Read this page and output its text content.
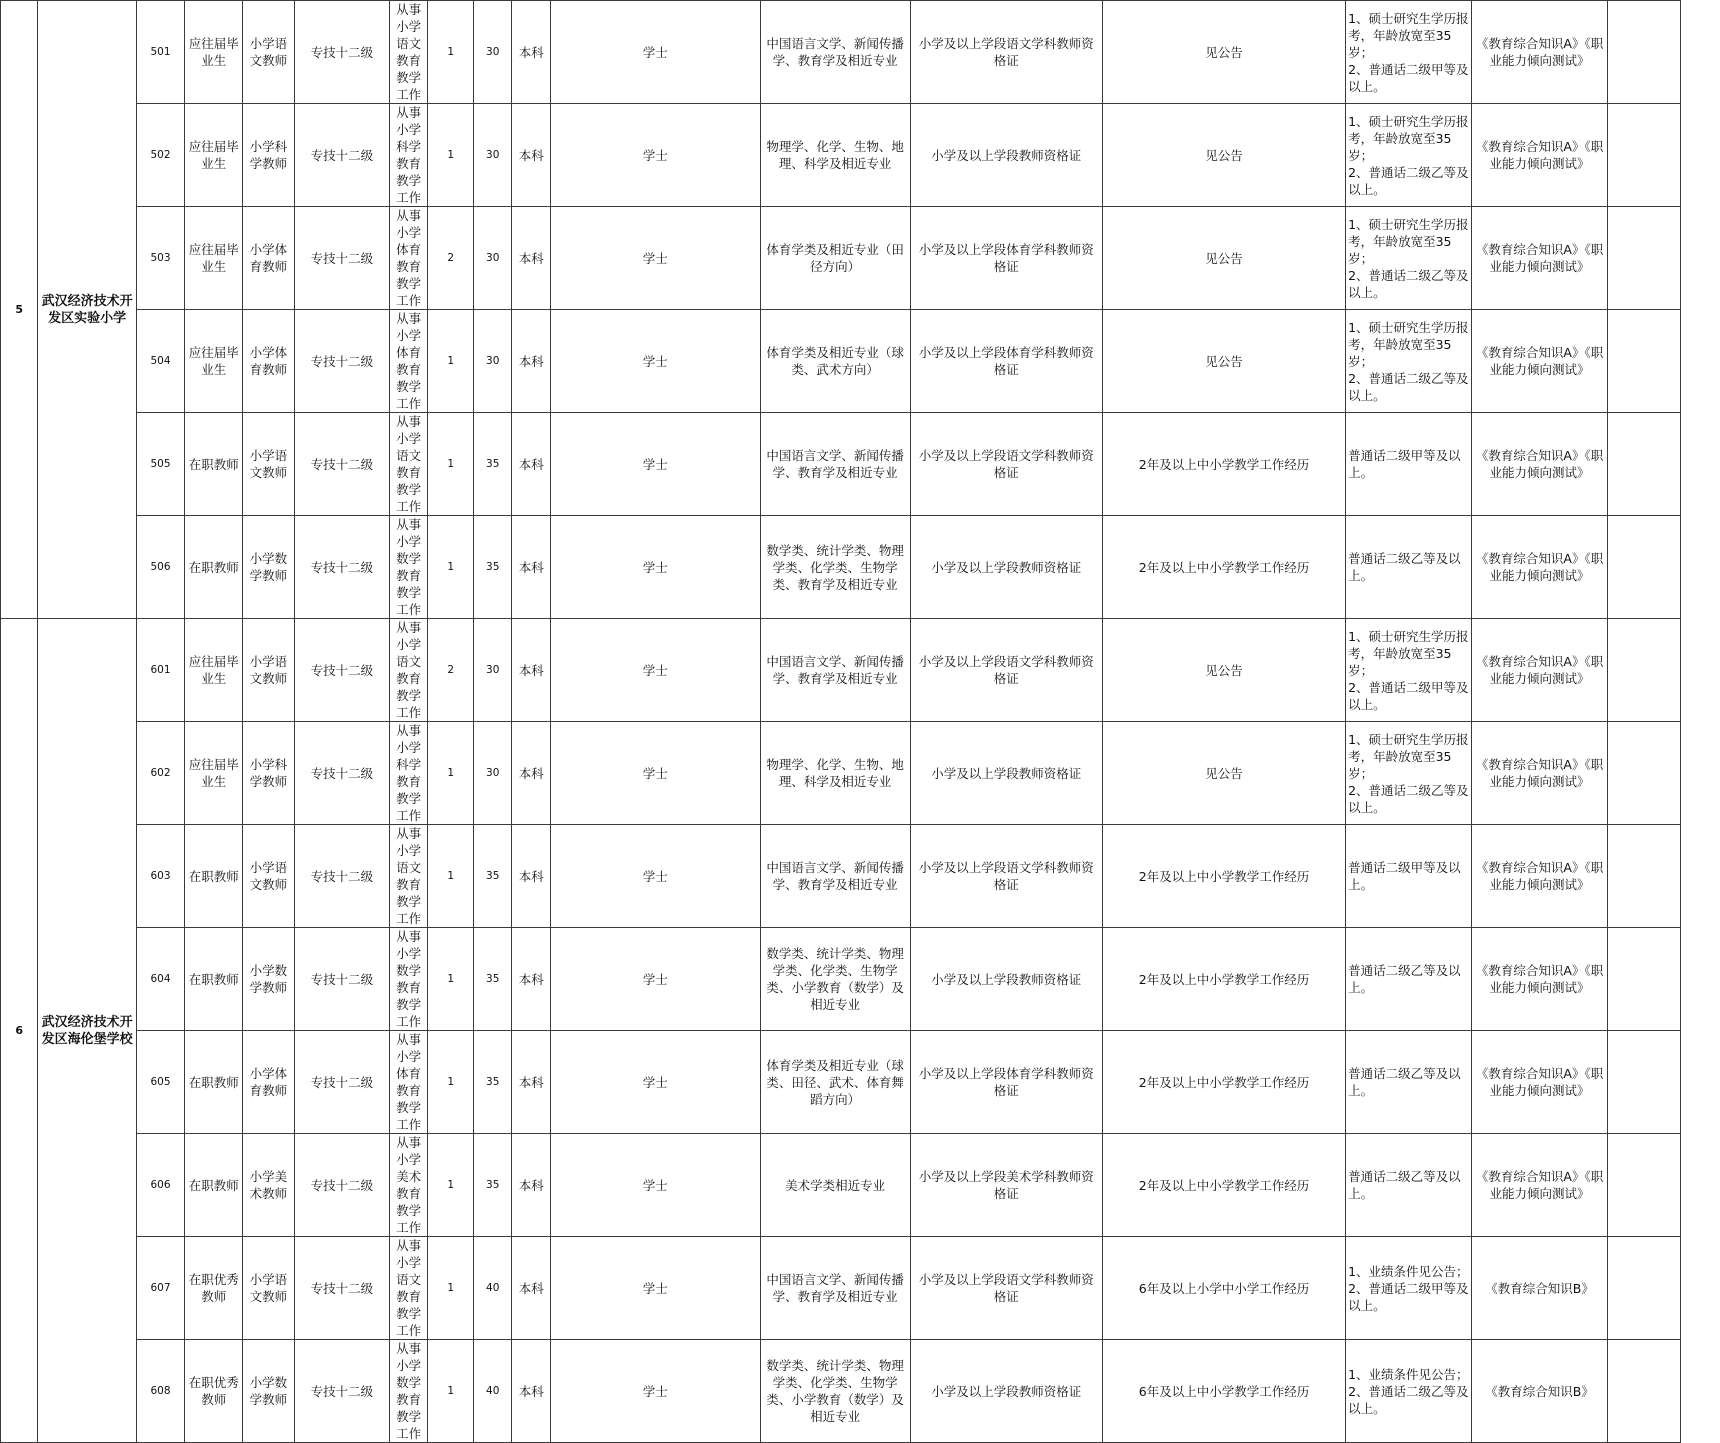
5	武汉经济技术开发区实验小学	501	应往届毕业生	小学语文教师	专技十二级	从事小学语文教育教学工作	1	30	本科	学士	中国语言文学、新闻传播学、教育学及相近专业	小学及以上学段语文学科教师资格证	见公告	1、硕士研究生学历报考，年龄放宽至35岁；
2、普通话二级甲等及以上。	《教育综合知识A》《职业能力倾向测试》	
		502	应往届毕业生	小学科学教师	专技十二级	从事小学科学教育教学工作	1	30	本科	学士	物理学、化学、生物、地理、科学及相近专业	小学及以上学段教师资格证	见公告	1、硕士研究生学历报考，年龄放宽至35岁；
2、普通话二级乙等及以上。	《教育综合知识A》《职业能力倾向测试》	
		503	应往届毕业生	小学体育教师	专技十二级	从事小学体育教育教学工作	2	30	本科	学士	体育学类及相近专业（田径方向）	小学及以上学段体育学科教师资格证	见公告	1、硕士研究生学历报考，年龄放宽至35岁；
2、普通话二级乙等及以上。	《教育综合知识A》《职业能力倾向测试》	
		504	应往届毕业生	小学体育教师	专技十二级	从事小学体育教育教学工作	1	30	本科	学士	体育学类及相近专业（球类、武术方向）	小学及以上学段体育学科教师资格证	见公告	1、硕士研究生学历报考，年龄放宽至35岁；
2、普通话二级乙等及以上。	《教育综合知识A》《职业能力倾向测试》	
		505	在职教师	小学语文教师	专技十二级	从事小学语文教育教学工作	1	35	本科	学士	中国语言文学、新闻传播学、教育学及相近专业	小学及以上学段语文学科教师资格证	2年及以上中小学教学工作经历	普通话二级甲等及以上。	《教育综合知识A》《职业能力倾向测试》	
		506	在职教师	小学数学教师	专技十二级	从事小学数学教育教学工作	1	35	本科	学士	数学类、统计学类、物理学类、化学类、生物学类、教育学及相近专业	小学及以上学段教师资格证	2年及以上中小学教学工作经历	普通话二级乙等及以上。	《教育综合知识A》《职业能力倾向测试》	
6	武汉经济技术开发区海伦堡学校	601	应往届毕业生	小学语文教师	专技十二级	从事小学语文教育教学工作	2	30	本科	学士	中国语言文学、新闻传播学、教育学及相近专业	小学及以上学段语文学科教师资格证	见公告	1、硕士研究生学历报考，年龄放宽至35岁；
2、普通话二级甲等及以上。	《教育综合知识A》《职业能力倾向测试》	
		602	应往届毕业生	小学科学教师	专技十二级	从事小学科学教育教学工作	1	30	本科	学士	物理学、化学、生物、地理、科学及相近专业	小学及以上学段教师资格证	见公告	1、硕士研究生学历报考，年龄放宽至35岁；
2、普通话二级乙等及以上。	《教育综合知识A》《职业能力倾向测试》	
		603	在职教师	小学语文教师	专技十二级	从事小学语文教育教学工作	1	35	本科	学士	中国语言文学、新闻传播学、教育学及相近专业	小学及以上学段语文学科教师资格证	2年及以上中小学教学工作经历	普通话二级甲等及以上。	《教育综合知识A》《职业能力倾向测试》	
		604	在职教师	小学数学教师	专技十二级	从事小学数学教育教学工作	1	35	本科	学士	数学类、统计学类、物理学类、化学类、生物学类、小学教育（数学）及相近专业	小学及以上学段教师资格证	2年及以上中小学教学工作经历	普通话二级乙等及以上。	《教育综合知识A》《职业能力倾向测试》	
		605	在职教师	小学体育教师	专技十二级	从事小学体育教育教学工作	1	35	本科	学士	体育学类及相近专业（球类、田径、武术、体育舞蹈方向）	小学及以上学段体育学科教师资格证	2年及以上中小学教学工作经历	普通话二级乙等及以上。	《教育综合知识A》《职业能力倾向测试》	
		606	在职教师	小学美术教师	专技十二级	从事小学美术教育教学工作	1	35	本科	学士	美术学类相近专业	小学及以上学段美术学科教师资格证	2年及以上中小学教学工作经历	普通话二级乙等及以上。	《教育综合知识A》《职业能力倾向测试》	
		607	在职优秀教师	小学语文教师	专技十二级	从事小学语文教育教学工作	1	40	本科	学士	中国语言文学、新闻传播学、教育学及相近专业	小学及以上学段语文学科教师资格证	6年及以上小学中小学工作经历	1、业绩条件见公告；2、普通话二级甲等及以上。	《教育综合知识B》	
		608	在职优秀教师	小学数学教师	专技十二级	从事小学数学教育教学工作	1	40	本科	学士	数学类、统计学类、物理学类、化学类、生物学类、小学教育（数学）及相近专业	小学及以上学段教师资格证	6年及以上中小学教学工作经历	1、业绩条件见公告；2、普通话二级乙等及以上。	《教育综合知识B》	
